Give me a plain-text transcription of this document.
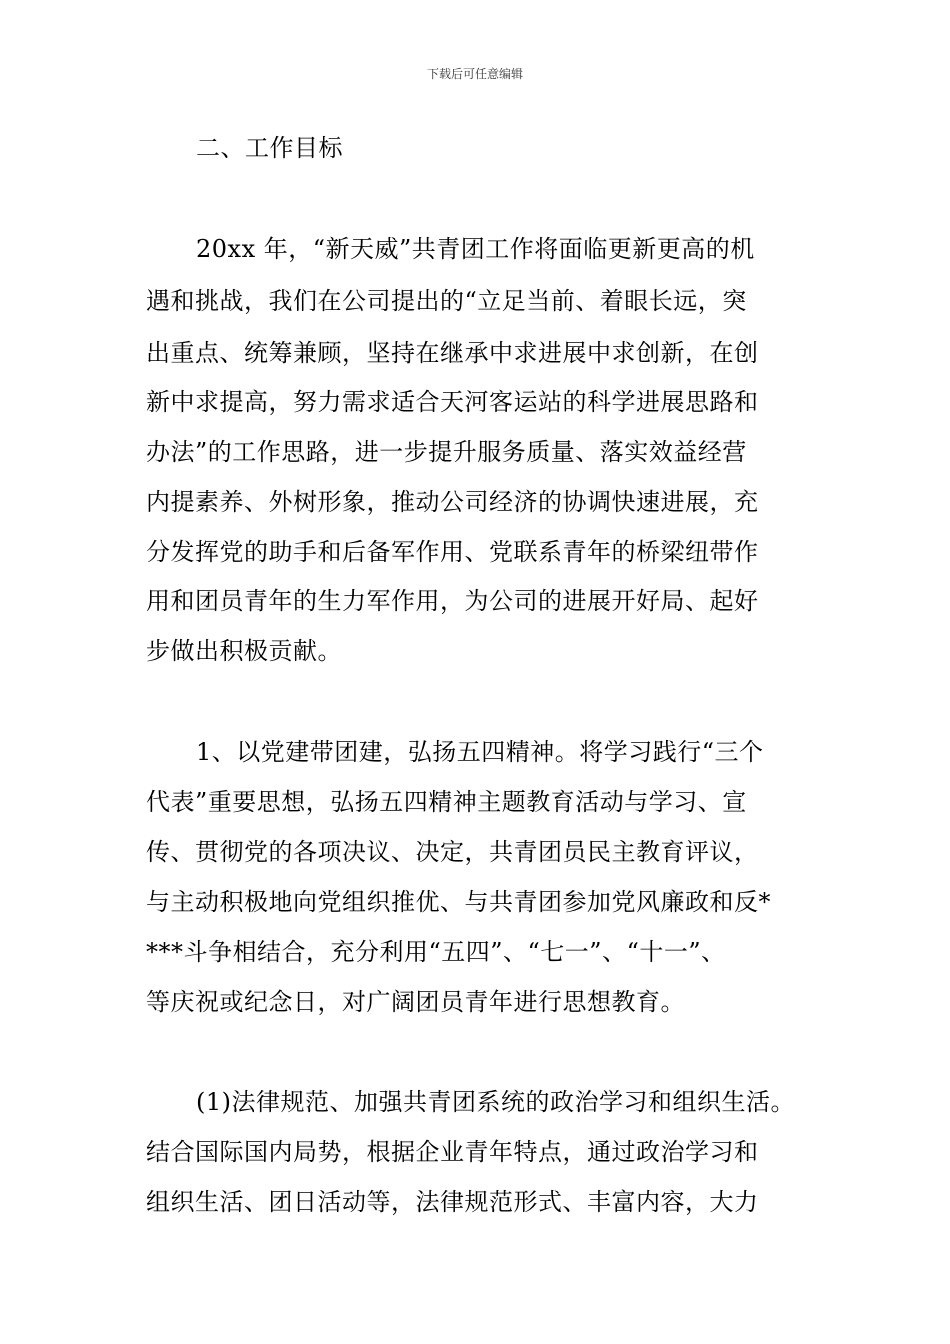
下载后可任意编辑
二、工作目标
20xx 年，“新天威”共青团工作将面临更新更高的机
遇和挑战，我们在公司提出的“立足当前、着眼长远，突
出重点、统筹兼顾，坚持在继承中求进展中求创新，在创
新中求提高，努力需求适合天河客运站的科学进展思路和
办法”的工作思路，进一步提升服务质量、落实效益经营
内提素养、外树形象，推动公司经济的协调快速进展，充
分发挥党的助手和后备军作用、党联系青年的桥梁纽带作
用和团员青年的生力军作用，为公司的进展开好局、起好
步做出积极贡献。
1、以党建带团建，弘扬五四精神。将学习践行“三个
代表”重要思想，弘扬五四精神主题教育活动与学习、宣
传、贯彻党的各项决议、决定，共青团员民主教育评议，
与主动积极地向党组织推优、与共青团参加党风廉政和反*
***斗争相结合，充分利用“五四”、“七一”、“十一”、
等庆祝或纪念日，对广阔团员青年进行思想教育。
(1)法律规范、加强共青团系统的政治学习和组织生活。
结合国际国内局势，根据企业青年特点，通过政治学习和
组织生活、团日活动等，法律规范形式、丰富内容，大力
